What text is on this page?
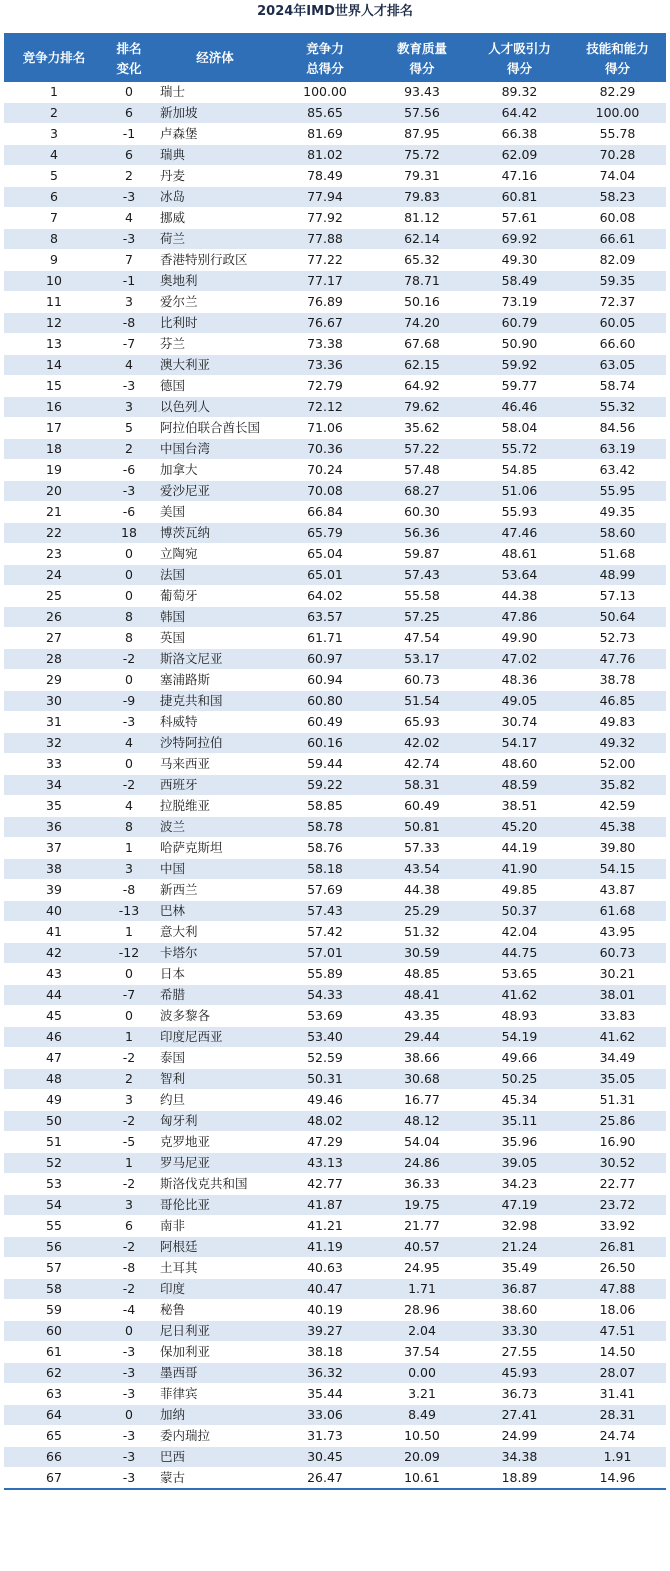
2024年IMD世界人才排名
竞争力排名	排名	经济体	竞争力	教育质量	人才吸引力	技能和能力
	变化		总得分	得分	得分	得分
1	0	瑞士	100.00	93.43	89.32	82.29
2	6	新加坡	85.65	57.56	64.42	100.00
3	-1	卢森堡	81.69	87.95	66.38	55.78
4	6	瑞典	81.02	75.72	62.09	70.28
5	2	丹麦	78.49	79.31	47.16	74.04
6	-3	冰岛	77.94	79.83	60.81	58.23
7	4	挪威	77.92	81.12	57.61	60.08
8	-3	荷兰	77.88	62.14	69.92	66.61
9	7	香港特别行政区	77.22	65.32	49.30	82.09
10	-1	奥地利	77.17	78.71	58.49	59.35
11	3	爱尔兰	76.89	50.16	73.19	72.37
12	-8	比利时	76.67	74.20	60.79	60.05
13	-7	芬兰	73.38	67.68	50.90	66.60
14	4	澳大利亚	73.36	62.15	59.92	63.05
15	-3	德国	72.79	64.92	59.77	58.74
16	3	以色列人	72.12	79.62	46.46	55.32
17	5	阿拉伯联合酋长国	71.06	35.62	58.04	84.56
18	2	中国台湾	70.36	57.22	55.72	63.19
19	-6	加拿大	70.24	57.48	54.85	63.42
20	-3	爱沙尼亚	70.08	68.27	51.06	55.95
21	-6	美国	66.84	60.30	55.93	49.35
22	18	博茨瓦纳	65.79	56.36	47.46	58.60
23	0	立陶宛	65.04	59.87	48.61	51.68
24	0	法国	65.01	57.43	53.64	48.99
25	0	葡萄牙	64.02	55.58	44.38	57.13
26	8	韩国	63.57	57.25	47.86	50.64
27	8	英国	61.71	47.54	49.90	52.73
28	-2	斯洛文尼亚	60.97	53.17	47.02	47.76
29	0	塞浦路斯	60.94	60.73	48.36	38.78
30	-9	捷克共和国	60.80	51.54	49.05	46.85
31	-3	科威特	60.49	65.93	30.74	49.83
32	4	沙特阿拉伯	60.16	42.02	54.17	49.32
33	0	马来西亚	59.44	42.74	48.60	52.00
34	-2	西班牙	59.22	58.31	48.59	35.82
35	4	拉脱维亚	58.85	60.49	38.51	42.59
36	8	波兰	58.78	50.81	45.20	45.38
37	1	哈萨克斯坦	58.76	57.33	44.19	39.80
38	3	中国	58.18	43.54	41.90	54.15
39	-8	新西兰	57.69	44.38	49.85	43.87
40	-13	巴林	57.43	25.29	50.37	61.68
41	1	意大利	57.42	51.32	42.04	43.95
42	-12	卡塔尔	57.01	30.59	44.75	60.73
43	0	日本	55.89	48.85	53.65	30.21
44	-7	希腊	54.33	48.41	41.62	38.01
45	0	波多黎各	53.69	43.35	48.93	33.83
46	1	印度尼西亚	53.40	29.44	54.19	41.62
47	-2	泰国	52.59	38.66	49.66	34.49
48	2	智利	50.31	30.68	50.25	35.05
49	3	约旦	49.46	16.77	45.34	51.31
50	-2	匈牙利	48.02	48.12	35.11	25.86
51	-5	克罗地亚	47.29	54.04	35.96	16.90
52	1	罗马尼亚	43.13	24.86	39.05	30.52
53	-2	斯洛伐克共和国	42.77	36.33	34.23	22.77
54	3	哥伦比亚	41.87	19.75	47.19	23.72
55	6	南非	41.21	21.77	32.98	33.92
56	-2	阿根廷	41.19	40.57	21.24	26.81
57	-8	土耳其	40.63	24.95	35.49	26.50
58	-2	印度	40.47	1.71	36.87	47.88
59	-4	秘鲁	40.19	28.96	38.60	18.06
60	0	尼日利亚	39.27	2.04	33.30	47.51
61	-3	保加利亚	38.18	37.54	27.55	14.50
62	-3	墨西哥	36.32	0.00	45.93	28.07
63	-3	菲律宾	35.44	3.21	36.73	31.41
64	0	加纳	33.06	8.49	27.41	28.31
65	-3	委内瑞拉	31.73	10.50	24.99	24.74
66	-3	巴西	30.45	20.09	34.38	1.91
67	-3	蒙古	26.47	10.61	18.89	14.96
